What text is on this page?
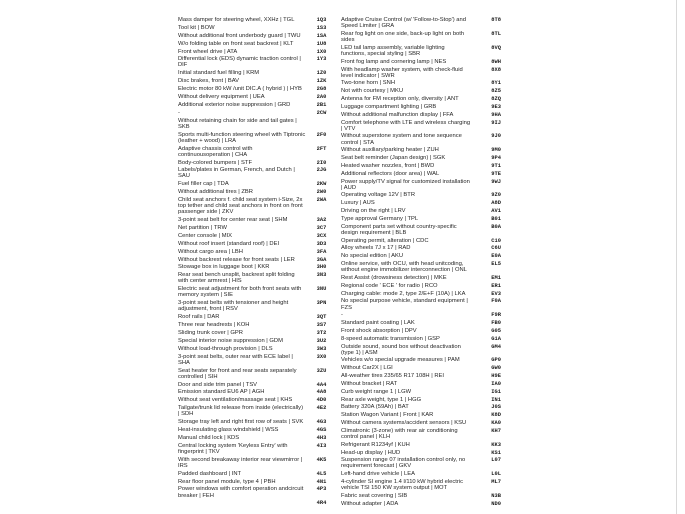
Mass damper for steering wheel, XXHz | TGL	1Q3
Tool kit | BOW	1S3
Without additional front underbody guard | TWU	1SA
W/o folding table on front seat backrest | KLT	1U8
Front wheel drive | ATA	1X0
Differential lock (EDS) dynamic traction control | DIF
1Y3
Initial standard fuel filling | KRM	1Z0
Disc brakes, front | BAV	1ZK
Electric motor 80 kW /unit DIC.A ( hybrid ) | HYB	2G8
Without delivery equipment | UEA	2A0
Additional exterior noise suppression | GRD	2B1
-	2CW
Without retaining chain for side and tail gates | SKB
Sports multi-function steering wheel with Tiptronic (leather + wood) | LRA
2F0
Adaptive chassis control with continuousoperation | CHA
2FT
Body-colored bumpers | STF	2I0
Labels/plates in German, French, and Dutch | SAU
2JG
Fuel filler cap | TDA	2KW
Without additional tires | ZBR	2W0
Child seat anchors f. child seat system i-Size, 2x top tether and child seat anchors in front on front passenger side | ZKV
2WA
3-point seat belt for center rear seat | SHM	3A2
Net partition | TRW	3C7
Center console | MIX	3CX
Without roof insert (standard roof) | DEI	3D3
Without cargo area | LBH	3FA
Without backrest release for front seats | LER	3GA
Stowage box in luggage boot | KKR	3H0
Rear seat bench unsplit, backrest split folding with center armrest | HIS
3N3
Electric seat adjustment for both front seats with memory system | SIE
3NU
3-point seat belts with tensioner and height adjustment, front | RSV
3PN
Roof rails | DAR	3QT
Three rear headrests | KOH	3S7
Sliding trunk cover | GPR	3T2
Special interior noise suppression | GDM	3U2
Without load-through provision | DLS	3W3
3-point seat belts, outer rear with ECE label | SHA
3X0
Seat heater for front and rear seats separately controlled | SIH
3ZU
Door and side trim panel | TSV	4A4
Emission standard EU6 AP | AGH	4A8
Without seat ventilation/massage seat | KHS	4D0
Tailgate/trunk lid release from inside (electrically) | SDH
4E2
Storage tray left and right first row of seats | SVK	4G3
Heat-insulating glass windshield | WSS	4GS
Manual child lock | KDS	4H3
Central locking system 'Keyless Entry' with fingerprint | TKV
4I3
With second breakaway interior rear viewmirror | IRS
4K5
Padded dashboard | INT	4L5
Rear floor panel module, type 4 | PBH	4N1
Power windows with comfort operation andcircuit breaker | FEH
4P3
4R4
Adaptive Cruise Control (w/ 'Follow-to-Stop') and Speed Limiter | GRA
8T8
Rear fog light on one side, back-up light on both sides
8TL
LED tail lamp assembly, variable lighting functions, special styling | SBR
8VQ
Front fog lamp and cornering lamp | NES	8WH
With headlamp washer system, with check-fluid level indicator | SWR
8X8
Two-tone horn | SNH	8Y1
Not with courtesy | MKU	8Z5
Antenna for FM reception only, diversity | ANT	8ZQ
Luggage compartment lighting | GRB	9E3
Without additional malfunction display | FFA	9HA
Comfort telephone with LTE and wireless charging | VTV
9IJ
Without superstone system and tone sequence control | STA
9J0
Without auxiliary/parking heater | ZUH	9M0
Seat belt reminder (Japan design) | SGK	9P4
Heated washer nozzles, front | BWD	9T1
Additional reflectors (door area) | WAL	9TE
Power supply/TV signal for customized installation | AUD
9WJ
Operating voltage 12V | BTR	9Z0
Luxury | AUS	A8D
Driving on the right | LRV	AV1
Type approval Germany | TPL	B01
Component parts set without country-specific design requirement | BLB
B0A
Operating permit, alteration | CDC	C10
Alloy wheels 7J x 17 | RAD	C6U
No special edition | AKU	E0A
Online service, with OCU, with head unitcoding, without engine immobilizer interconnection | ONL
EL5
Rest Assist (drowsiness detection) | MKE	EM1
Regional code ' ECE ' for radio | RCO	ER1
Charging cable: mode 2, type 2/E+F (10A) | LKA	EV3
No special purpose vehicle, standard equipment | FZS
F0A
-	F9R
Standard paint coating | LAK	FB0
Front shock absorption | DPV	G05
8-speed automatic transmission | GSP	G1A
Outside sound, sound box without deactivation (type 1) | ASM
GM4
Vehicles w/o special upgrade measures | PAM	GP0
Without Car2X | LGI	GW0
All-weather tires 235/65 R17 108H | REI	H9E
Without bracket | RAT	IA0
Curb weight range 1 | LGW	IG1
Rear axle weight, type 1 | HGG	IN1
Battery 320A (59Ah) | BAT	J0S
Station Wagon Variant | Front | KAR	K8D
Without camera systems/accident sensors | KSU	KA0
Climatronic (3-zone) with rear air conditioning control panel | KLH
KH7
Refrigerant R1234yf | KUH	KK3
Head-up display | HUD	KS1
Suspension range 07 installation control only, no requirement forecast | GKV
L07
Left-hand drive vehicle | LEA	L0L
4-cylinder SI engine 1.4 l/110 kW hybrid electric vehicle TSI 150 KW system output | MOT
ML7
Fabric seat covering | SIB	N3B
Without adapter | ADA	ND0
